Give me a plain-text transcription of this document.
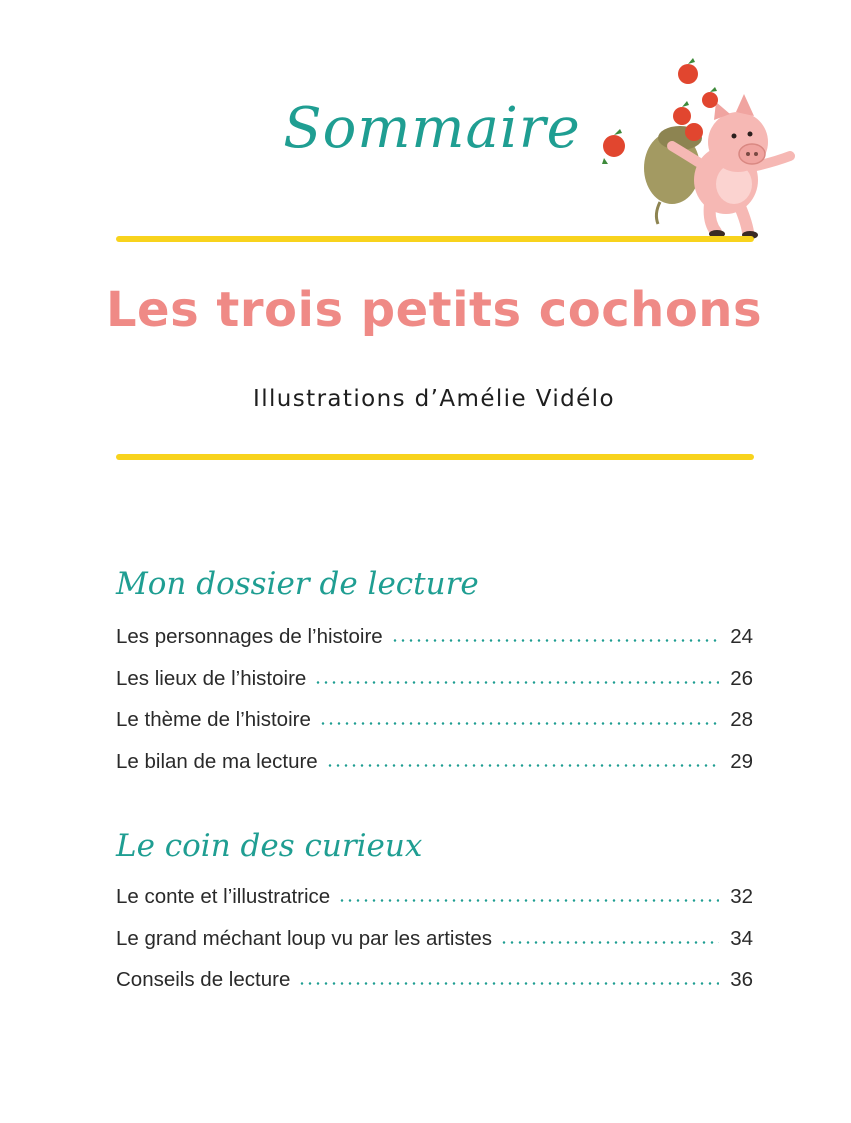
Sommaire
Les trois petits cochons

Illustrations d’Amélie Vidélo

Mon dossier de lecture
Les personnages de l’histoire	24
Les lieux de l’histoire	26
Le thème de l’histoire	28
Le bilan de ma lecture	29
Le coin des curieux
Le conte et l’illustratrice	32
Le grand méchant loup vu par les artistes	34
Conseils de lecture	36
